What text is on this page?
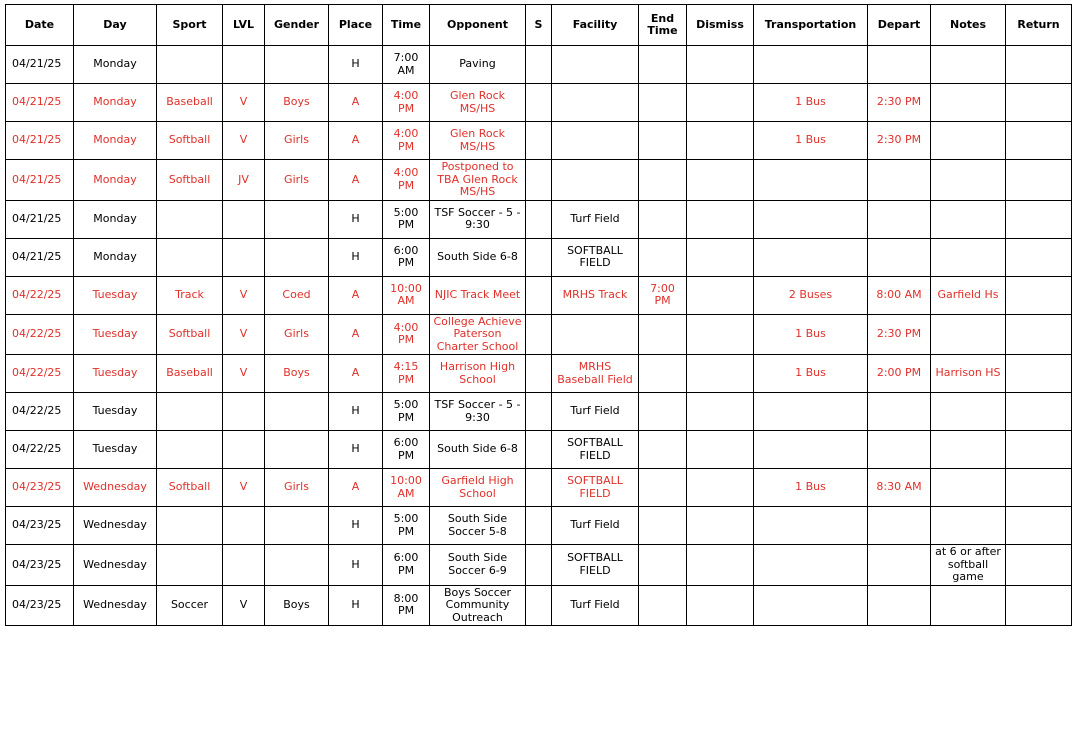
Date	Day	Sport	LVL	Gender	Place	Time	Opponent	S	Facility	End Time	Dismiss	Transportation	Depart	Notes	Return
04/21/25	Monday				H	7:00 AM	Paving								
04/21/25	Monday	Baseball	V	Boys	A	4:00 PM	Glen Rock MS/HS					1 Bus	2:30 PM		
04/21/25	Monday	Softball	V	Girls	A	4:00 PM	Glen Rock MS/HS					1 Bus	2:30 PM		
04/21/25	Monday	Softball	JV	Girls	A	4:00 PM	Postponed to TBA Glen Rock MS/HS								
04/21/25	Monday				H	5:00 PM	TSF Soccer - 5 - 9:30		Turf Field						
04/21/25	Monday				H	6:00 PM	South Side 6-8		SOFTBALL FIELD						
04/22/25	Tuesday	Track	V	Coed	A	10:00 AM	NJIC Track Meet		MRHS Track	7:00 PM		2 Buses	8:00 AM	Garfield Hs	
04/22/25	Tuesday	Softball	V	Girls	A	4:00 PM	College Achieve Paterson Charter School					1 Bus	2:30 PM		
04/22/25	Tuesday	Baseball	V	Boys	A	4:15 PM	Harrison High School		MRHS Baseball Field			1 Bus	2:00 PM	Harrison HS	
04/22/25	Tuesday				H	5:00 PM	TSF Soccer - 5 - 9:30		Turf Field						
04/22/25	Tuesday				H	6:00 PM	South Side 6-8		SOFTBALL FIELD						
04/23/25	Wednesday	Softball	V	Girls	A	10:00 AM	Garfield High School		SOFTBALL FIELD			1 Bus	8:30 AM		
04/23/25	Wednesday				H	5:00 PM	South Side Soccer 5-8		Turf Field						
04/23/25	Wednesday				H	6:00 PM	South Side Soccer 6-9		SOFTBALL FIELD					at 6 or after softball game	
04/23/25	Wednesday	Soccer	V	Boys	H	8:00 PM	Boys Soccer Community Outreach		Turf Field						
